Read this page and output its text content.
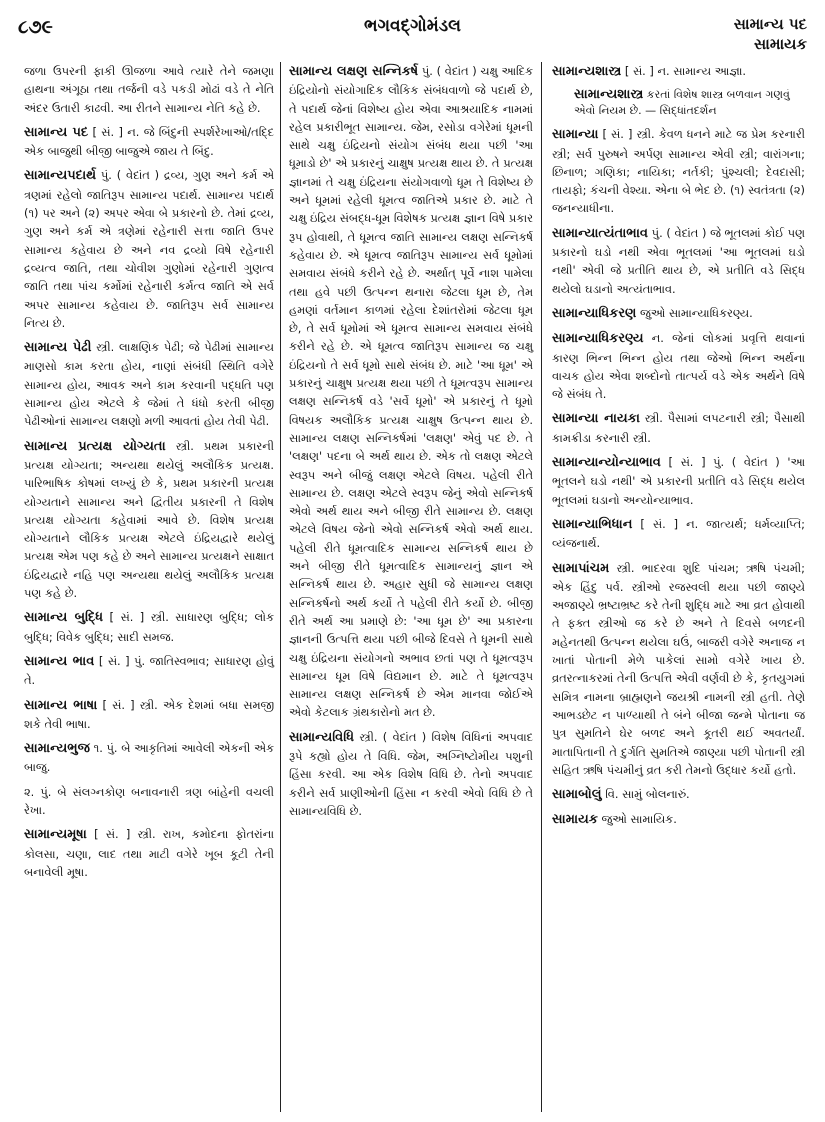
૮૭૯	ભગવદ્‍ગોમંડલ	સામાન્ય પદ
સામાયક

જળા ઉપરની ફાકી ઊજળા આવે ત્યારે તેને જમણા હાથના અંગૂઠા તથા તર્જની વડે પકડી મોઢાં વડે તે નેતિ અંદર ઉતારી કાઢવી. આ રીતને સામાન્ય નેતિ કહે છે.

સામાન્ય પદ [ સં. ] ન. જે બિંદુની સ્પર્શરેખાઓ/તદ્દિ એક બાજુથી બીજી બાજુએ જાય તે બિંદુ.

સામાન્યપદાર્થ પું. ( વેદાંત ) દ્રવ્ય, ગુણ અને કર્મ એ ત્રણમાં રહેલો જાતિરૂપ સામાન્ય પદાર્થ. સામાન્ય પદાર્થ (૧) પર અને (૨) અપર એવા બે પ્રકારનો છે. તેમાં દ્રવ્ય, ગુણ અને કર્મ એ ત્રણેમાં રહેનારી સત્તા જાતિ ઉપર સામાન્ય કહેવાય છે અને નવ દ્રવ્યો વિષે રહેનારી દ્રવ્યત્વ જાતિ, તથા ચોવીશ ગુણોમાં રહેનારી ગુણત્વ જાતિ તથા પાંચ કર્મોમાં રહેનારી કર્મત્વ જાતિ એ સર્વ અપર સામાન્ય કહેવાય છે. જાતિરૂપ સર્વ સામાન્ય નિત્ય છે.

સામાન્ય પેઢી સ્ત્રી. લાક્ષણિક પેઢી; જે પેઢીમાં સામાન્ય માણસો કામ કરતા હોય, નાણાં સંબંધી સ્થિતિ વગેરે સામાન્ય હોય, આવક અને કામ કરવાની પદ્ધતિ પણ સામાન્ય હોય એટલે કે જેમાં તે ધંધો કરતી બીજી પેઢીઓનાં સામાન્ય લક્ષણો મળી આવતાં હોય તેવી પેઢી.

સામાન્ય પ્રત્યક્ષ યોગ્યતા સ્ત્રી. પ્રથમ પ્રકારની પ્રત્યક્ષ યોગ્યતા; અન્યથા થયેલું અલૌકિક પ્રત્યક્ષ. પારિભાષિક કોષમાં લખ્યું છે કે, પ્રથમ પ્રકારની પ્રત્યક્ષ યોગ્યતાને સામાન્ય અને દ્વિતીય પ્રકારની તે વિશેષ પ્રત્યક્ષ યોગ્યતા કહેવામાં આવે છે. વિશેષ પ્રત્યક્ષ યોગ્યતાને લૌકિક પ્રત્યક્ષ એટલે ઇંદ્રિયદ્વારે થયેલું પ્રત્યક્ષ એમ પણ કહે છે અને સામાન્ય પ્રત્યક્ષને સાક્ષાત ઇંદ્રિયદ્વારે નહિ પણ અન્યથા થયેલું અલૌકિક પ્રત્યક્ષ પણ કહે છે.

સામાન્ય બુદ્ધિ [ સં. ] સ્ત્રી. સાધારણ બુદ્ધિ; લોક બુદ્ધિ; વિવેક બુદ્ધિ; સાદી સમજ.

સામાન્ય ભાવ [ સં. ] પું. જાતિસ્વભાવ; સાધારણ હોવું તે.

સામાન્ય ભાષા [ સં. ] સ્ત્રી. એક દેશમાં બધા સમજી શકે તેવી ભાષા.

સામાન્યભુજ ૧. પું. બે આકૃતિમાં આવેલી એકની એક બાજુ.

૨. પું. બે સંલગ્નકોણ બનાવનારી ત્રણ બાંહેની વચલી રેખા.

સામાન્યમૂષા [ સં. ] સ્ત્રી. રાખ, કમોદના ફોતરાંના કોલસા, ચણા, લાદ તથા માટી વગેરે ખૂબ કૂટી તેની બનાવેલી મૂષા.

સામાન્ય લક્ષણ સન્નિકર્ષ પું. ( વેદાંત ) ચક્ષુ આદિક ઇંદ્રિયોનો સંયોગાદિક લૌકિક સંબંધવાળો જે પદાર્થ છે, તે પદાર્થ જેનાં વિશેષ્ય હોય એવા આશ્રયાદિક નામમાં રહેલ પ્રકારીભૂત સામાન્ય. જેમ, રસોડા વગેરેમાં ધૂમની સાથે ચક્ષુ ઇંદ્રિયનો સંયોગ સંબંધ થયા પછી 'આ ધૂમાડો છે' એ પ્રકારનું ચાક્ષુષ પ્રત્યક્ષ થાય છે. તે પ્રત્યક્ષ જ્ઞાનમાં તે ચક્ષુ ઇંદ્રિયના સંયોગવાળો ધૂમ તે વિશેષ્ય છે અને ધૂમમાં રહેલી ધૂમત્વ જાતિએ પ્રકાર છે. માટે તે ચક્ષુ ઇંદ્રિય સંબદ્ધ-ધૂમ વિશેષક પ્રત્યક્ષ જ્ઞાન વિષે પ્રકાર રૂપ હોવાથી, તે ધૂમત્વ જાતિ સામાન્ય લક્ષણ સન્નિકર્ષ કહેવાય છે. એ ધૂમત્વ જાતિરૂપ સામાન્ય સર્વ ધૂમોમાં સમવાય સંબંધે કરીને રહે છે. અર્થાત્ પૂર્વે નાશ પામેલા તથા હવે પછી ઉત્પન્ન થનારા જેટલા ધૂમ છે, તેમ હમણાં વર્તમાન કાળમાં રહેલા દેશાંતરોમાં જેટલા ધૂમ છે, તે સર્વ ધૂમોમાં એ ધૂમત્વ સામાન્ય સમવાય સંબંધે કરીને રહે છે. એ ધૂમત્વ જાતિરૂપ સામાન્ય જ ચક્ષુ ઇંદ્રિયનો તે સર્વ ધૂમો સાથે સંબંધ છે. માટે 'આ ધૂમ' એ પ્રકારનું ચાક્ષુષ પ્રત્યક્ષ થયા પછી તે ધૂમત્વરૂપ સામાન્ય લક્ષણ સન્નિકર્ષ વડે 'સર્વે ધૂમો' એ પ્રકારનું તે ધૂમો વિષયક અલૌકિક પ્રત્યક્ષ ચાક્ષુષ ઉત્પન્ન થાય છે. સામાન્ય લક્ષણ સન્નિકર્ષમાં 'લક્ષણ' એવું પદ છે. તે 'લક્ષણ' પદના બે અર્થ થાય છે. એક તો લક્ષણ એટલે સ્વરૂપ અને બીજું લક્ષણ એટલે વિષય. પહેલી રીતે સામાન્ય છે. લક્ષણ એટલે સ્વરૂપ જેનું એવો સન્નિકર્ષ એવો અર્થ થાય અને બીજી રીતે સામાન્ય છે. લક્ષણ એટલે વિષય જેનો એવો સન્નિકર્ષ એવો અર્થ થાય. પહેલી રીતે ધૂમત્વાદિક સામાન્ય સન્નિકર્ષ થાય છે અને બીજી રીતે ધૂમત્વાદિક સામાન્યનું જ્ઞાન એ સન્નિકર્ષ થાય છે. અહાર સુધી જે સામાન્ય લક્ષણ સન્નિકર્ષનો અર્થ કર્યો તે પહેલી રીતે કર્યો છે. બીજી રીતે અર્થ આ પ્રમાણે છે: 'આ ધૂમ છે' આ પ્રકારના જ્ઞાનની ઉત્પત્તિ થયા પછી બીજે દિવસે તે ધૂમની સાથે ચક્ષુ ઇંદ્રિયના સંયોગનો અભાવ છતાં પણ તે ધૂમત્વરૂપ સામાન્ય ધૂમ વિષે વિદ્યમાન છે. માટે તે ધૂમત્વરૂપ સામાન્ય લક્ષણ સન્નિકર્ષ છે એમ માનવા જોઈએ એવો કેટલાક ગ્રંથકારોનો મત છે.

સામાન્યવિધિ સ્ત્રી. ( વેદાંત ) વિશેષ વિધિનાં અપવાદ રૂપે કહ્યો હોય તે વિધિ. જેમ, અગ્નિષ્ટોમીય પશુની હિંસા કરવી. આ એક વિશેષ વિધિ છે. તેનો અપવાદ કરીને સર્વ પ્રાણીઓની હિંસા ન કરવી એવો વિધિ છે તે સામાન્યવિધિ છે.

સામાન્યશાસ્ત્ર [ સં. ] ન. સામાન્ય આજ્ઞા.

સામાન્યશાસ્ત્ર કરતાં વિશેષ શાસ્ત્ર બળવાન ગણવું એવો નિયમ છે. — સિદ્ધાંતદર્શન

સામાન્યા [ સં. ] સ્ત્રી. કેવળ ધનને માટે જ પ્રેમ કરનારી સ્ત્રી; સર્વ પુરુષને અર્પણ સામાન્ય એવી સ્ત્રી; વારાંગના; છિનાળ; ગણિકા; નાયિકા; નર્તકી; પુંશ્ચલી; દેવદાસી; તાયફો; કંચની વેશ્યા. એના બે ભેદ છે. (૧) સ્વતંત્રતા (૨) જનન્યાધીના.

સામાન્યાત્યંતાભાવ પું. ( વેદાંત ) જે ભૂતલમાં કોઈ પણ પ્રકારનો ઘડો નથી એવા ભૂતલમાં 'આ ભૂતલમાં ઘડો નથી' એવી જે પ્રતીતિ થાય છે, એ પ્રતીતિ વડે સિદ્ધ થયેલો ઘડાનો અત્યંતાભાવ.

સામાન્યાધિકરણ જુઓ સામાન્યાધિકરણ્ય.

સામાન્યાધિકરણ્ય ન. જેનાં લોકમાં પ્રવૃત્તિ થવાનાં કારણ ભિન્ન ભિન્ન હોય તથા જેઓ ભિન્ન અર્થના વાચક હોય એવા શબ્દોનો તાત્પર્ય વડે એક અર્થને વિષે જે સંબંધ તે.

સામાન્યા નાયકા સ્ત્રી. પૈસામાં લપટનારી સ્ત્રી; પૈસાથી કામક્રીડા કરનારી સ્ત્રી.

સામાન્યાન્યોન્યાભાવ [ સં. ] પું. ( વેદાંત ) 'આ ભૂતલને ઘડો નથી' એ પ્રકારની પ્રતીતિ વડે સિદ્ધ થયેલ ભૂતલમાં ઘડાનો અન્યોન્યાભાવ.

સામાન્યાભિધાન [ સં. ] ન. જાત્યર્થ; ધર્મવ્યાપ્તિ; વ્યંજનાર્થ.

સામાપાંચમ સ્ત્રી. ભાદરવા શુદિ પાંચમ; ઋષિ પંચમી; એક હિંદુ પર્વ. સ્ત્રીઓ રજસ્વલી થયા પછી જાણ્યે અજાણ્યે ભ્રષ્ટાભ્રષ્ટ કરે તેની શુદ્ધિ માટે આ વ્રત હોવાથી તે ફક્ત સ્ત્રીઓ જ કરે છે અને તે દિવસે બળદની મહેનતથી ઉત્પન્ન થયેલા ઘઉં, બાજરી વગેરે અનાજ ન ખાતાં પોતાની મેળે પાકેલાં સામો વગેરે ખાય છે. વ્રતરત્નાકરમાં તેની ઉત્પત્તિ એવી વર્ણવી છે કે, કૃતયુગમાં સમિત્ર નામના બ્રાહ્મણને જયશ્રી નામની સ્ત્રી હતી. તેણે આભડછેટ ન પાળ્યાથી તે બંને બીજા જન્મે પોતાના જ પુત્ર સુમતિને ઘેર બળદ અને કૂતરી થઈ અવતર્યાં. માતાપિતાની તે દુર્ગતિ સુમતિએ જાણ્યા પછી પોતાની સ્ત્રી સહિત ઋષિ પંચમીનું વ્રત કરી તેમનો ઉદ્ધાર કર્યો હતો.

સામાબોલું વિ. સામું બોલનારું.

સામાયક જુઓ સામાયિક.
